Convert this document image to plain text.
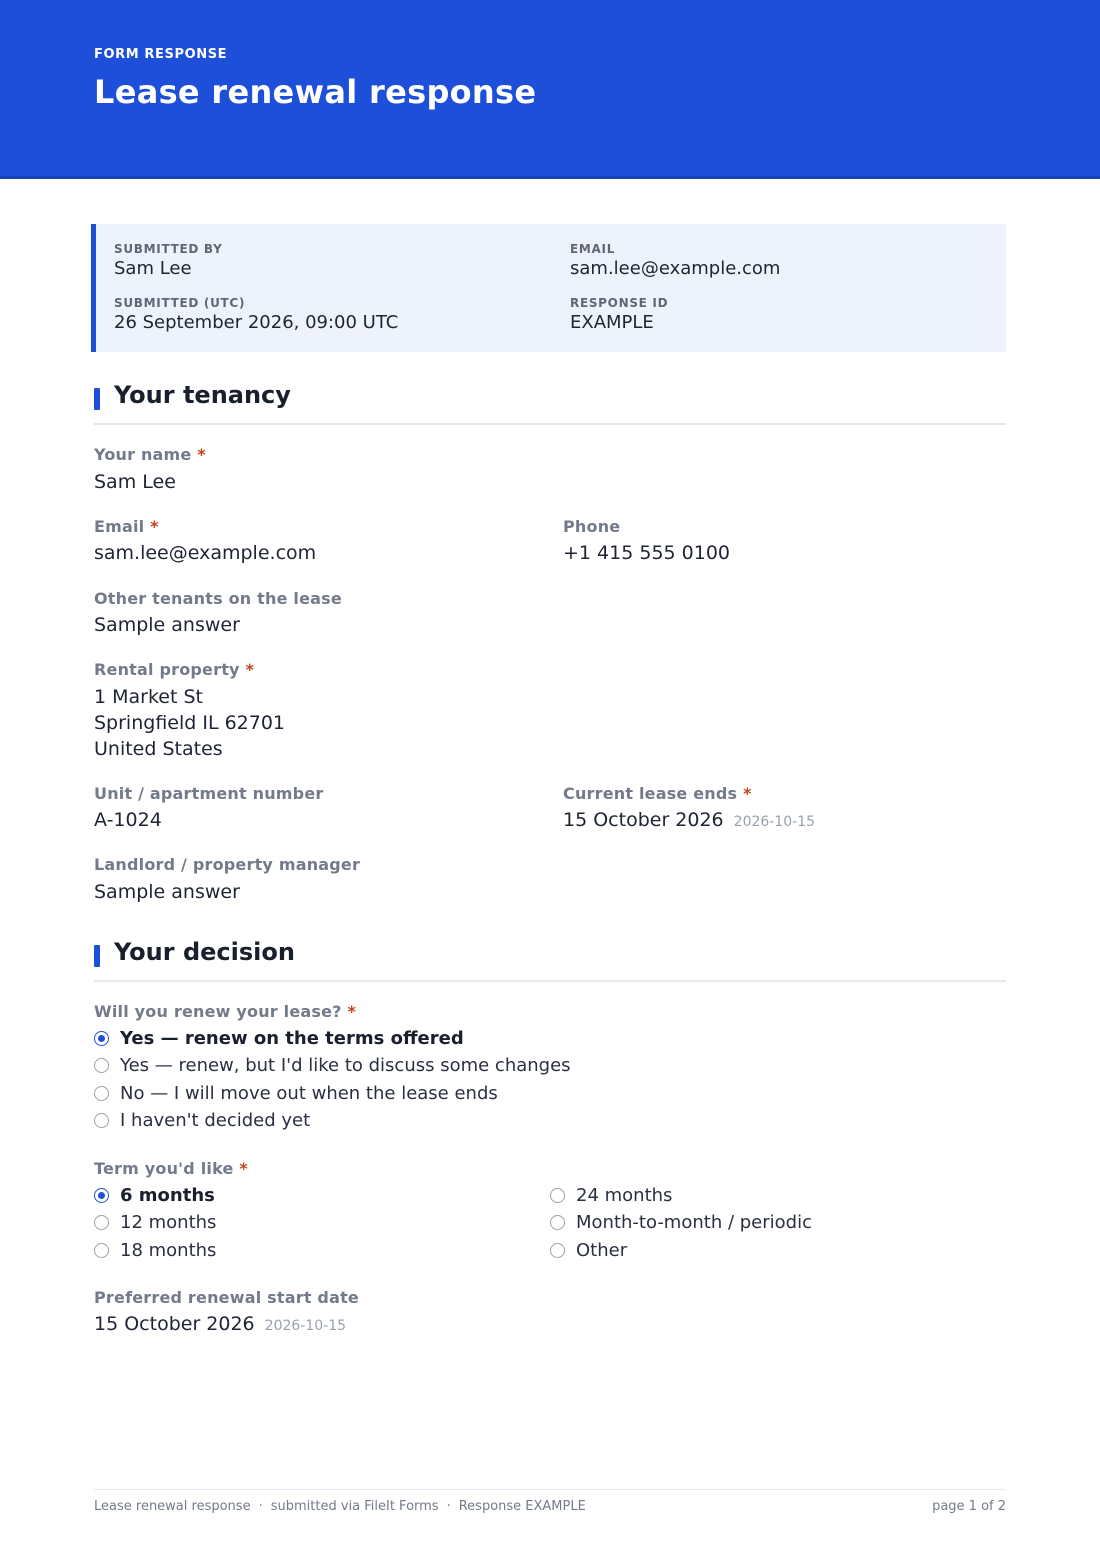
FORM RESPONSE
Lease renewal response
SUBMITTED BY
Sam Lee
EMAIL
sam.lee@example.com
SUBMITTED (UTC)
26 September 2026, 09:00 UTC
RESPONSE ID
EXAMPLE
Your tenancy
Your name *
Sam Lee
Email *
sam.lee@example.com
Phone
+1 415 555 0100
Other tenants on the lease
Sample answer
Rental property *
1 Market St
Springfield IL 62701
United States
Unit / apartment number
A-1024
Current lease ends *
15 October 2026 2026-10-15
Landlord / property manager
Sample answer
Your decision
Will you renew your lease? *
Yes — renew on the terms offered
Yes — renew, but I'd like to discuss some changes
No — I will move out when the lease ends
I haven't decided yet
Term you'd like *
6 months
12 months
18 months
24 months
Month-to-month / periodic
Other
Preferred renewal start date
15 October 2026 2026-10-15
Lease renewal response · submitted via FileIt Forms · Response EXAMPLE	page 1 of 2
